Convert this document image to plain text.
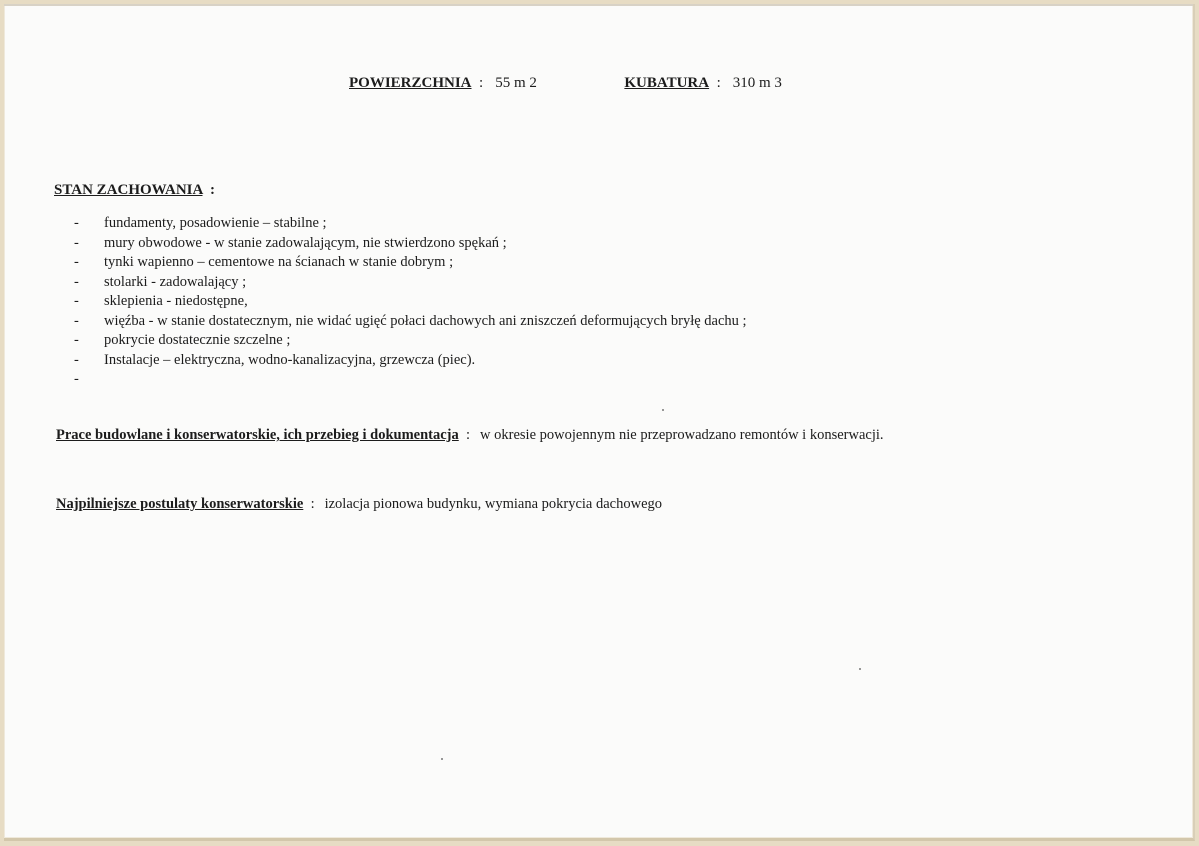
POWIERZCHNIA  : 55 m 2	KUBATURA  : 310 m 3
STAN ZACHOWANIA  :
- fundamenty, posadowienie – stabilne ;
- mury obwodowe - w stanie zadowalającym, nie stwierdzono spękań ;
- tynki wapienno – cementowe na ścianach w stanie dobrym ;
- stolarki - zadowalający ;
- sklepienia - niedostępne,
- więźba - w stanie dostatecznym, nie widać ugięć połaci dachowych ani zniszczeń deformujących bryłę dachu ;
- pokrycie dostatecznie szczelne ;
- Instalacje – elektryczna, wodno-kanalizacyjna, grzewcza (piec).
-
Prace budowlane i konserwatorskie, ich przebieg i dokumentacja  : w okresie powojennym nie przeprowadzano remontów i konserwacji.
Najpilniejsze postulaty konserwatorskie  : izolacja pionowa budynku, wymiana pokrycia dachowego
